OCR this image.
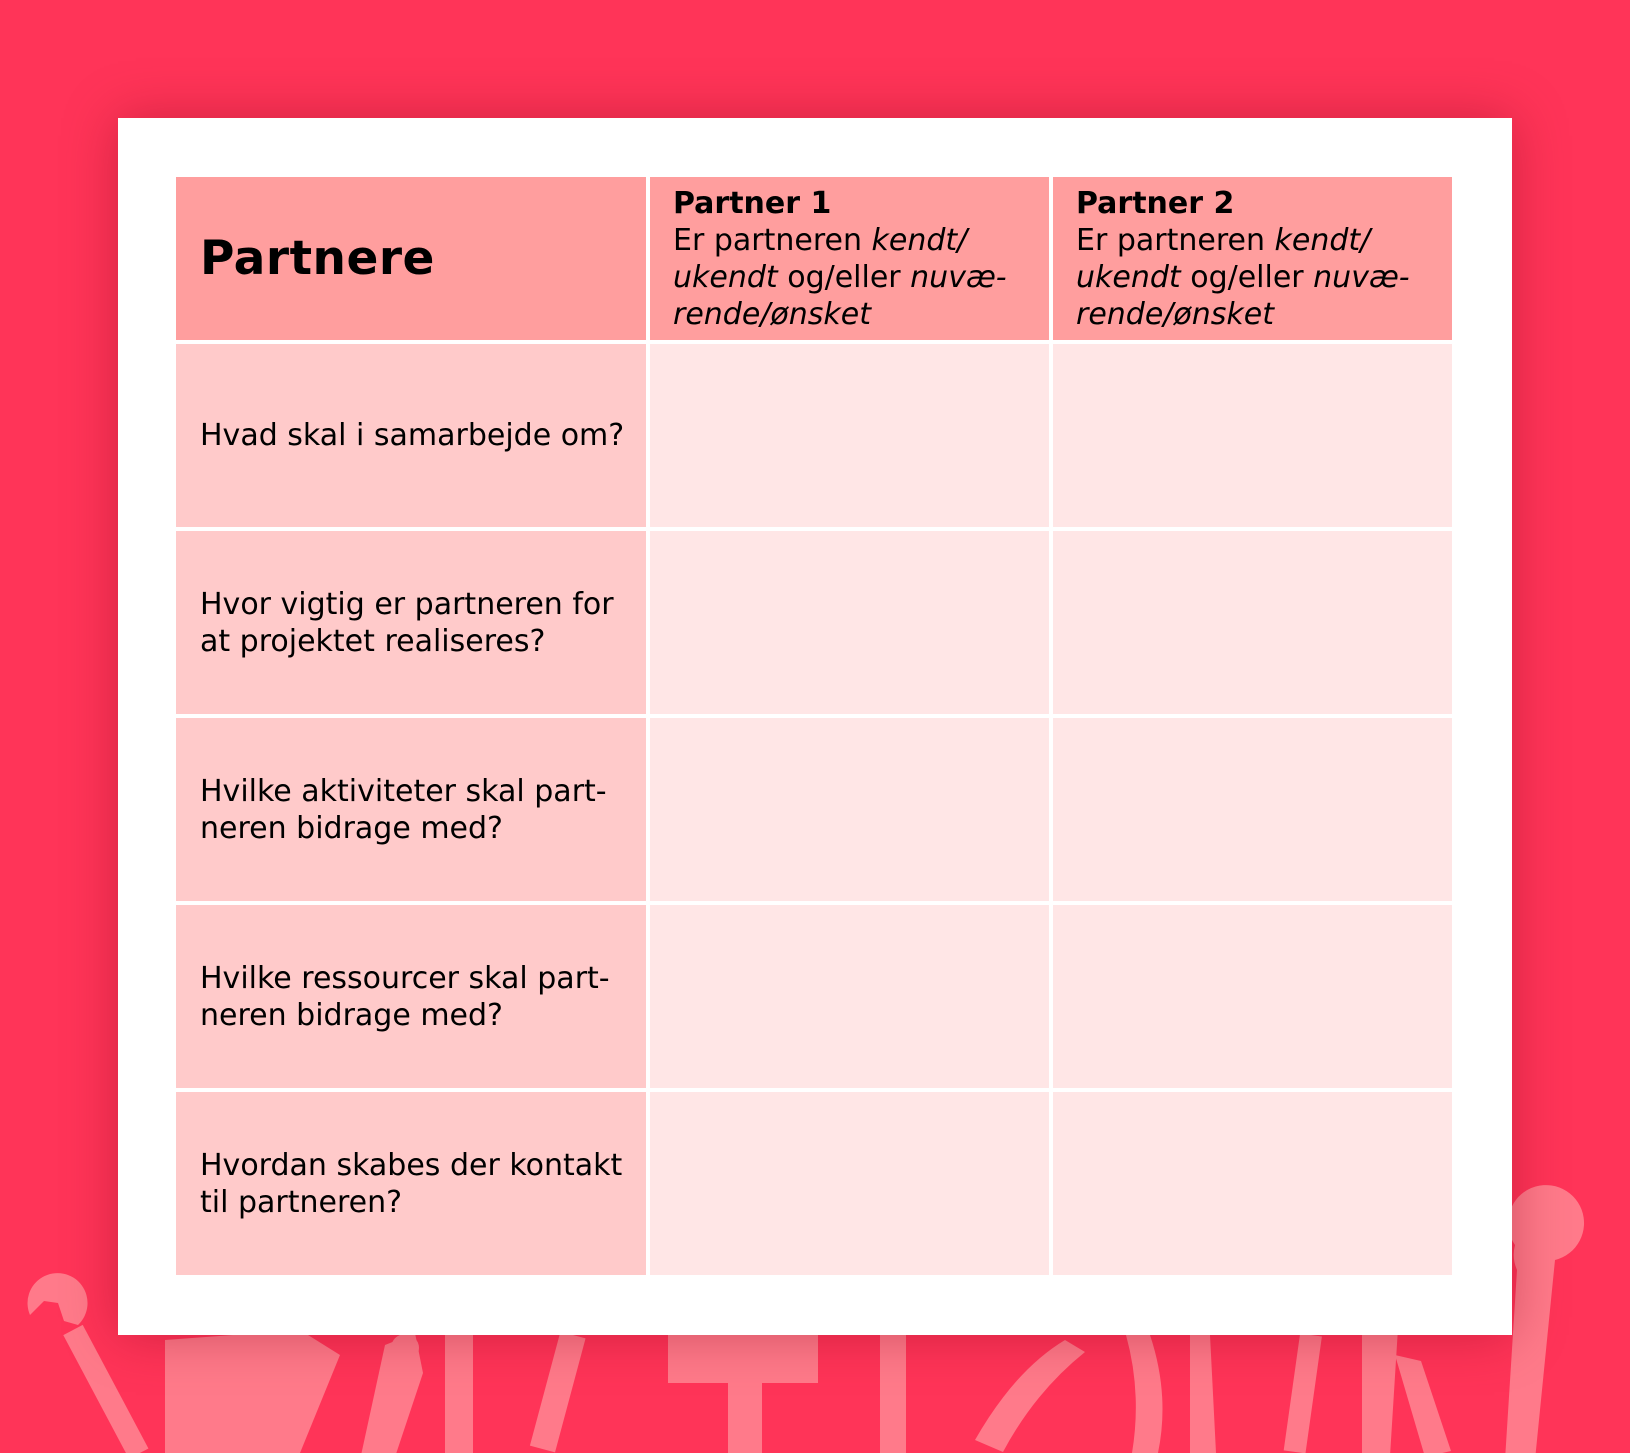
Partnere
Partner 1
Er partneren kendt/ ukendt og/eller nuvæ-rende/ønsket
Partner 2
Er partneren kendt/ ukendt og/eller nuvæ-rende/ønsket
Hvad skal i samarbejde om?
Hvor vigtig er partneren for at projektet realiseres?
Hvilke aktiviteter skal part-neren bidrage med?
Hvilke ressourcer skal part-neren bidrage med?
Hvordan skabes der kontakt til partneren?
